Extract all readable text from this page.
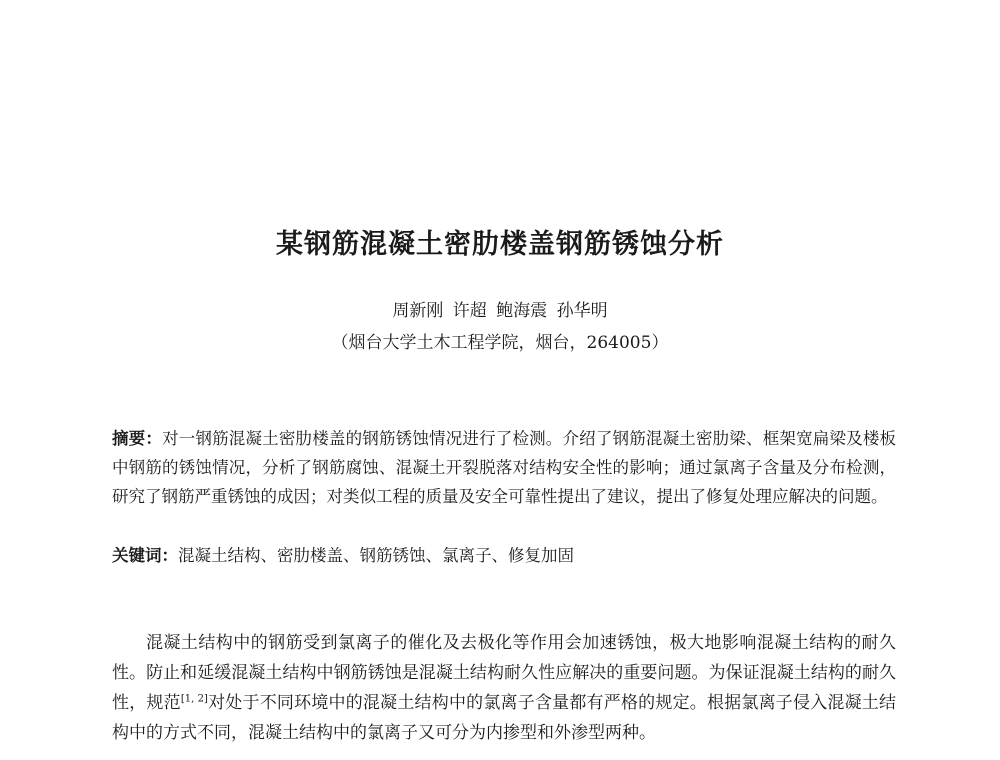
某钢筋混凝土密肋楼盖钢筋锈蚀分析
周新刚 许超 鲍海震 孙华明
（烟台大学土木工程学院，烟台，264005）

摘要：对一钢筋混凝土密肋楼盖的钢筋锈蚀情况进行了检测。介绍了钢筋混凝土密肋梁、框架宽扁梁及楼板中钢筋的锈蚀情况，分析了钢筋腐蚀、混凝土开裂脱落对结构安全性的影响；通过氯离子含量及分布检测，研究了钢筋严重锈蚀的成因；对类似工程的质量及安全可靠性提出了建议，提出了修复处理应解决的问题。

关键词：混凝土结构、密肋楼盖、钢筋锈蚀、氯离子、修复加固

混凝土结构中的钢筋受到氯离子的催化及去极化等作用会加速锈蚀，极大地影响混凝土结构的耐久性。防止和延缓混凝土结构中钢筋锈蚀是混凝土结构耐久性应解决的重要问题。为保证混凝土结构的耐久性，规范[1, 2]对处于不同环境中的混凝土结构中的氯离子含量都有严格的规定。根据氯离子侵入混凝土结构中的方式不同，混凝土结构中的氯离子又可分为内掺型和外渗型两种。
